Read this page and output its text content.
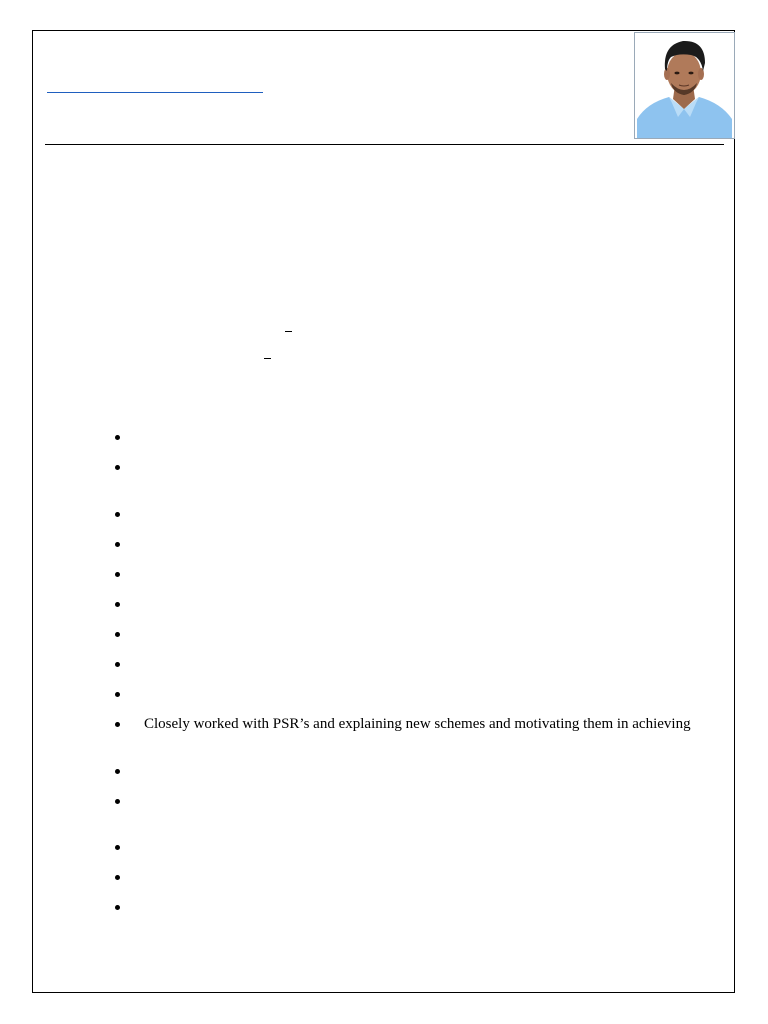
Closely worked with PSR’s and explaining new schemes and motivating them in achieving
